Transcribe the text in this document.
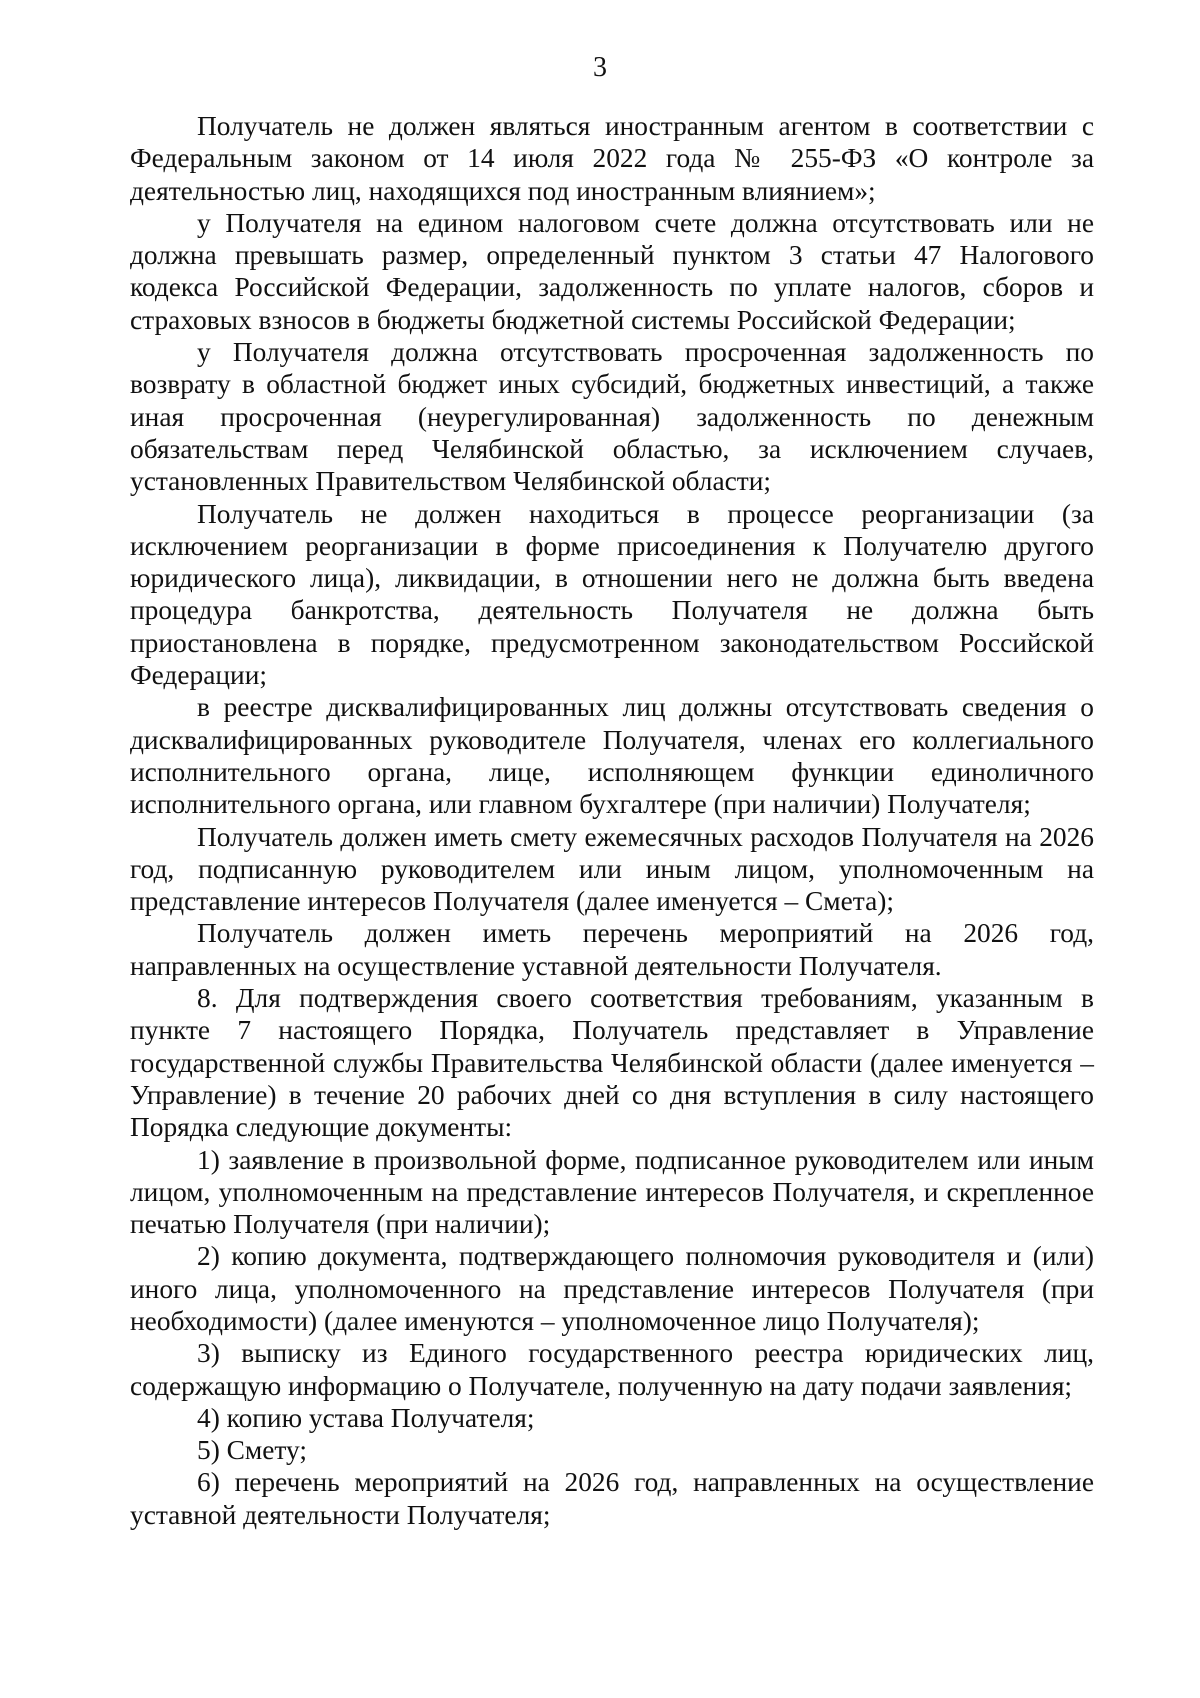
3

Получатель не должен являться иностранным агентом в соответствии с Федеральным законом от 14 июля 2022 года № 255-ФЗ «О контроле за деятельностью лиц, находящихся под иностранным влиянием»;

у Получателя на едином налоговом счете должна отсутствовать или не должна превышать размер, определенный пунктом 3 статьи 47 Налогового кодекса Российской Федерации, задолженность по уплате налогов, сборов и страховых взносов в бюджеты бюджетной системы Российской Федерации;

у Получателя должна отсутствовать просроченная задолженность по возврату в областной бюджет иных субсидий, бюджетных инвестиций, а также иная просроченная (неурегулированная) задолженность по денежным обязательствам перед Челябинской областью, за исключением случаев, установленных Правительством Челябинской области;

Получатель не должен находиться в процессе реорганизации (за исключением реорганизации в форме присоединения к Получателю другого юридического лица), ликвидации, в отношении него не должна быть введена процедура банкротства, деятельность Получателя не должна быть приостановлена в порядке, предусмотренном законодательством Российской Федерации;

в реестре дисквалифицированных лиц должны отсутствовать сведения о дисквалифицированных руководителе Получателя, членах его коллегиального исполнительного органа, лице, исполняющем функции единоличного исполнительного органа, или главном бухгалтере (при наличии) Получателя;

Получатель должен иметь смету ежемесячных расходов Получателя на 2026 год, подписанную руководителем или иным лицом, уполномоченным на представление интересов Получателя (далее именуется – Смета);

Получатель должен иметь перечень мероприятий на 2026 год, направленных на осуществление уставной деятельности Получателя.

8. Для подтверждения своего соответствия требованиям, указанным в пункте 7 настоящего Порядка, Получатель представляет в Управление государственной службы Правительства Челябинской области (далее именуется – Управление) в течение 20 рабочих дней со дня вступления в силу настоящего Порядка следующие документы:

1) заявление в произвольной форме, подписанное руководителем или иным лицом, уполномоченным на представление интересов Получателя, и скрепленное печатью Получателя (при наличии);

2) копию документа, подтверждающего полномочия руководителя и (или) иного лица, уполномоченного на представление интересов Получателя (при необходимости) (далее именуются – уполномоченное лицо Получателя);

3) выписку из Единого государственного реестра юридических лиц, содержащую информацию о Получателе, полученную на дату подачи заявления;

4) копию устава Получателя;

5) Смету;

6) перечень мероприятий на 2026 год, направленных на осуществление уставной деятельности Получателя;
